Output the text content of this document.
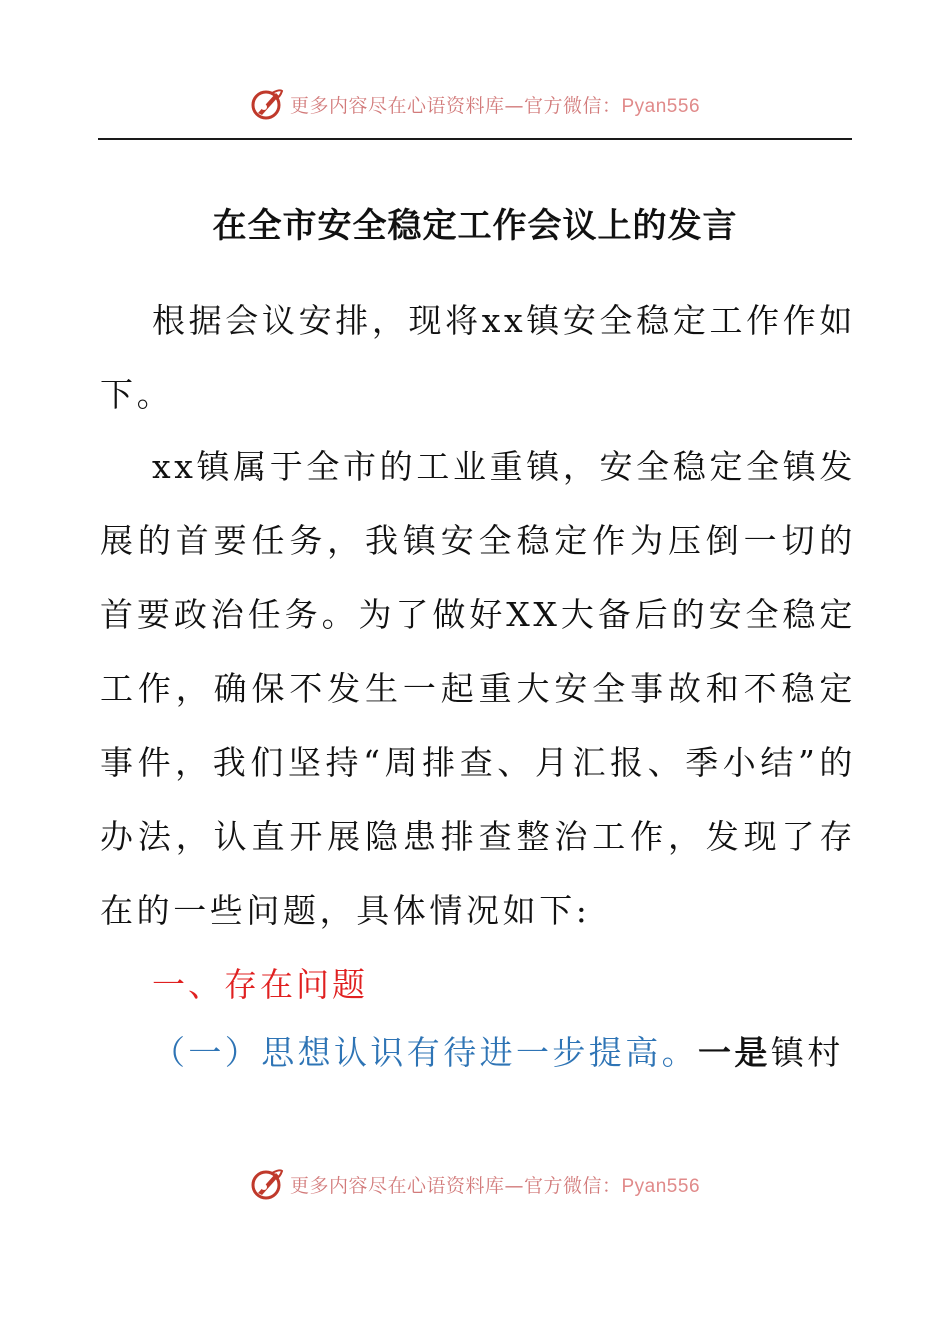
更多内容尽在心语资料库—官方微信：Pyan556
在全市安全稳定工作会议上的发言
根据会议安排，现将xx镇安全稳定工作作如下。
xx镇属于全市的工业重镇，安全稳定全镇发展的首要任务，我镇安全稳定作为压倒一切的首要政治任务。为了做好XX大备后的安全稳定工作，确保不发生一起重大安全事故和不稳定事件，我们坚持“周排查、月汇报、季小结”的办法，认直开展隐患排查整治工作，发现了存在的一些问题，具体情况如下:
一、存在问题
（一）思想认识有待进一步提高。一是镇村
更多内容尽在心语资料库—官方微信：Pyan556
